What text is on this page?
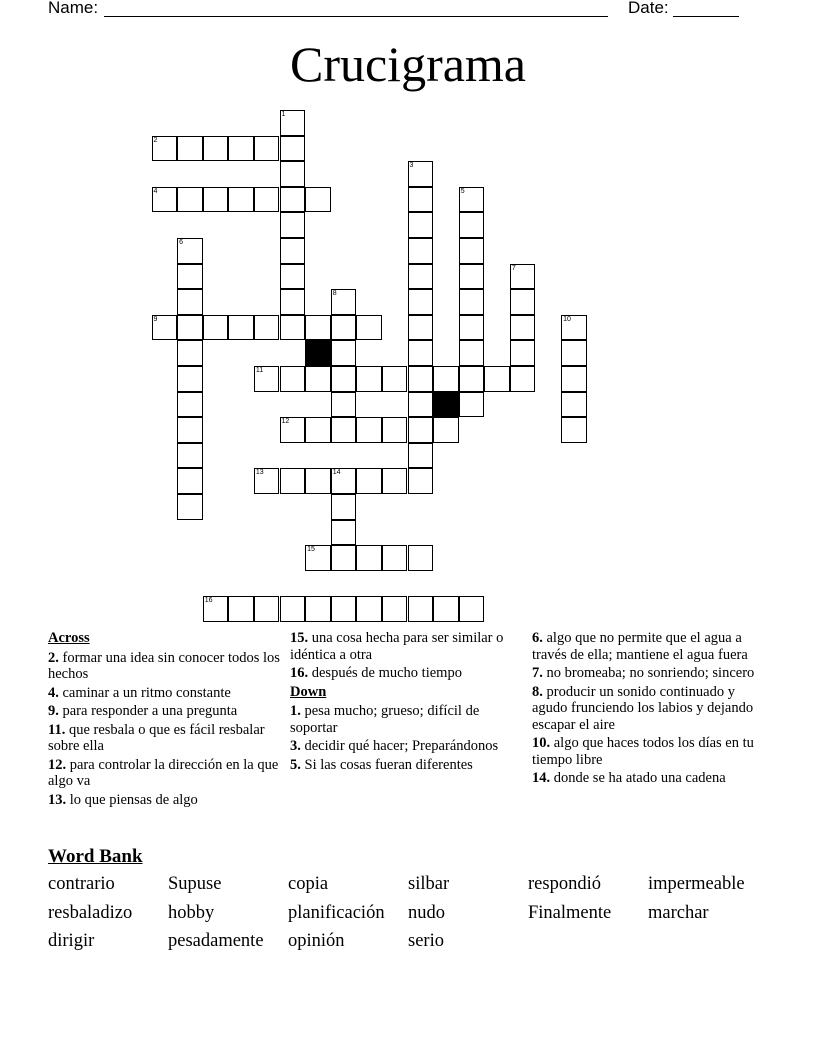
Name:	Date:
Crucigrama
1
2
3
4	5
6
7
8
9	10
11
12
13	14
15
16
Across
2. formar una idea sin conocer todos los hechos
4. caminar a un ritmo constante
9. para responder a una pregunta
11. que resbala o que es fácil resbalar sobre ella
12. para controlar la dirección en la que algo va
13. lo que piensas de algo
15. una cosa hecha para ser similar o idéntica a otra
16. después de mucho tiempo
Down
1. pesa mucho; grueso; difícil de soportar
3. decidir qué hacer; Preparándonos
5. Si las cosas fueran diferentes
6. algo que no permite que el agua a través de ella; mantiene el agua fuera
7. no bromeaba; no sonriendo; sincero
8. producir un sonido continuado y agudo frunciendo los labios y dejando escapar el aire
10. algo que haces todos los días en tu tiempo libre
14. donde se ha atado una cadena
Word Bank
contrario	Supuse	copia	silbar	respondió	impermeable
resbaladizo	hobby	planificación	nudo	Finalmente	marchar
dirigir	pesadamente	opinión	serio
